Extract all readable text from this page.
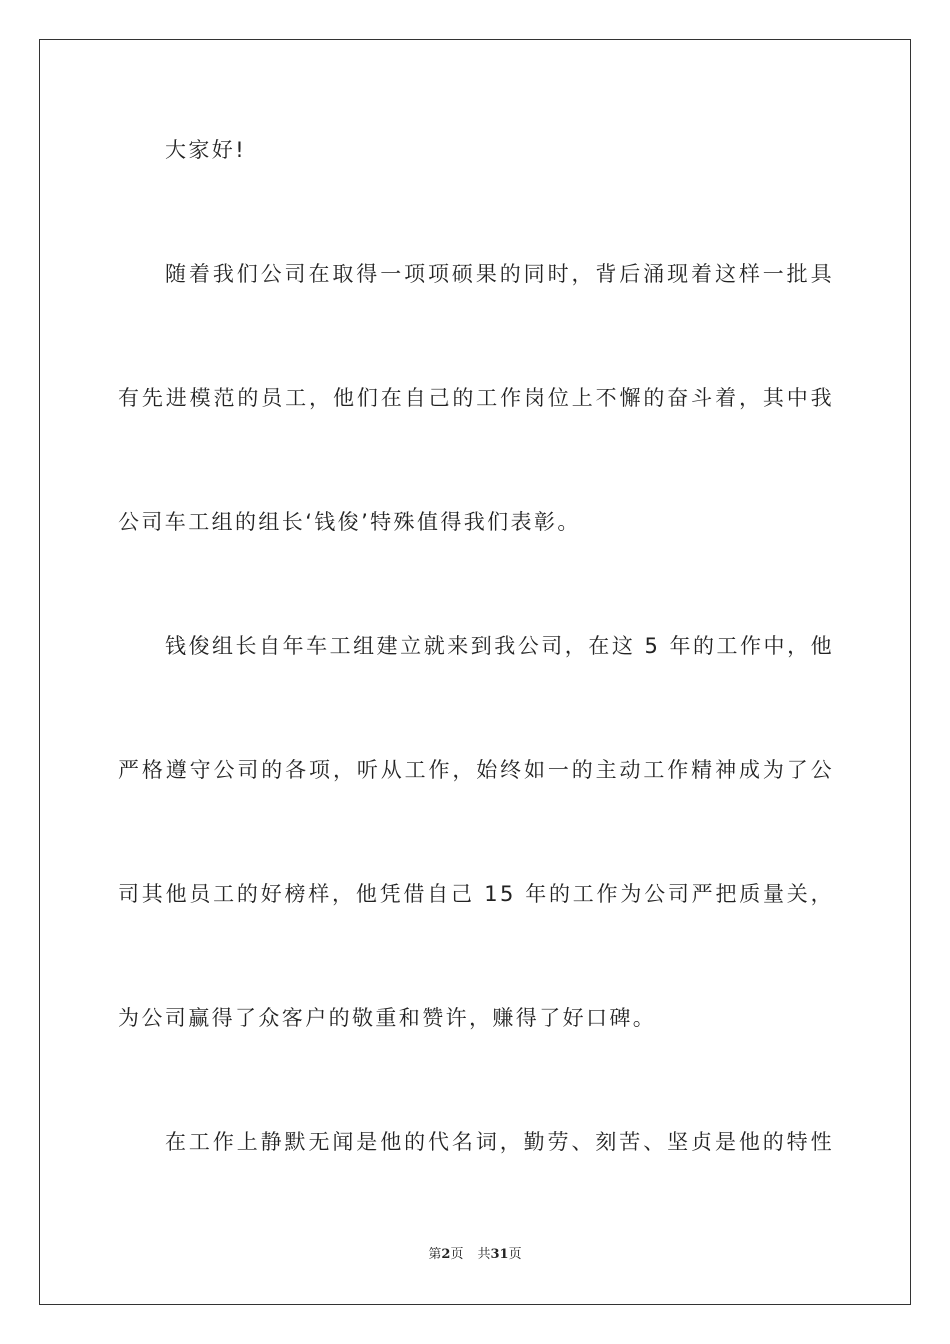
大家好!
随着我们公司在取得一项项硕果的同时，背后涌现着这样一批具
有先进模范的员工，他们在自己的工作岗位上不懈的奋斗着，其中我
公司车工组的组长‘钱俊’特殊值得我们表彰。
钱俊组长自年车工组建立就来到我公司，在这 5 年的工作中，他
严格遵守公司的各项，听从工作，始终如一的主动工作精神成为了公
司其他员工的好榜样，他凭借自己 15 年的工作为公司严把质量关，
为公司赢得了众客户的敬重和赞许，赚得了好口碑。
在工作上静默无闻是他的代名词，勤劳、刻苦、坚贞是他的特性
第2页 共31页
